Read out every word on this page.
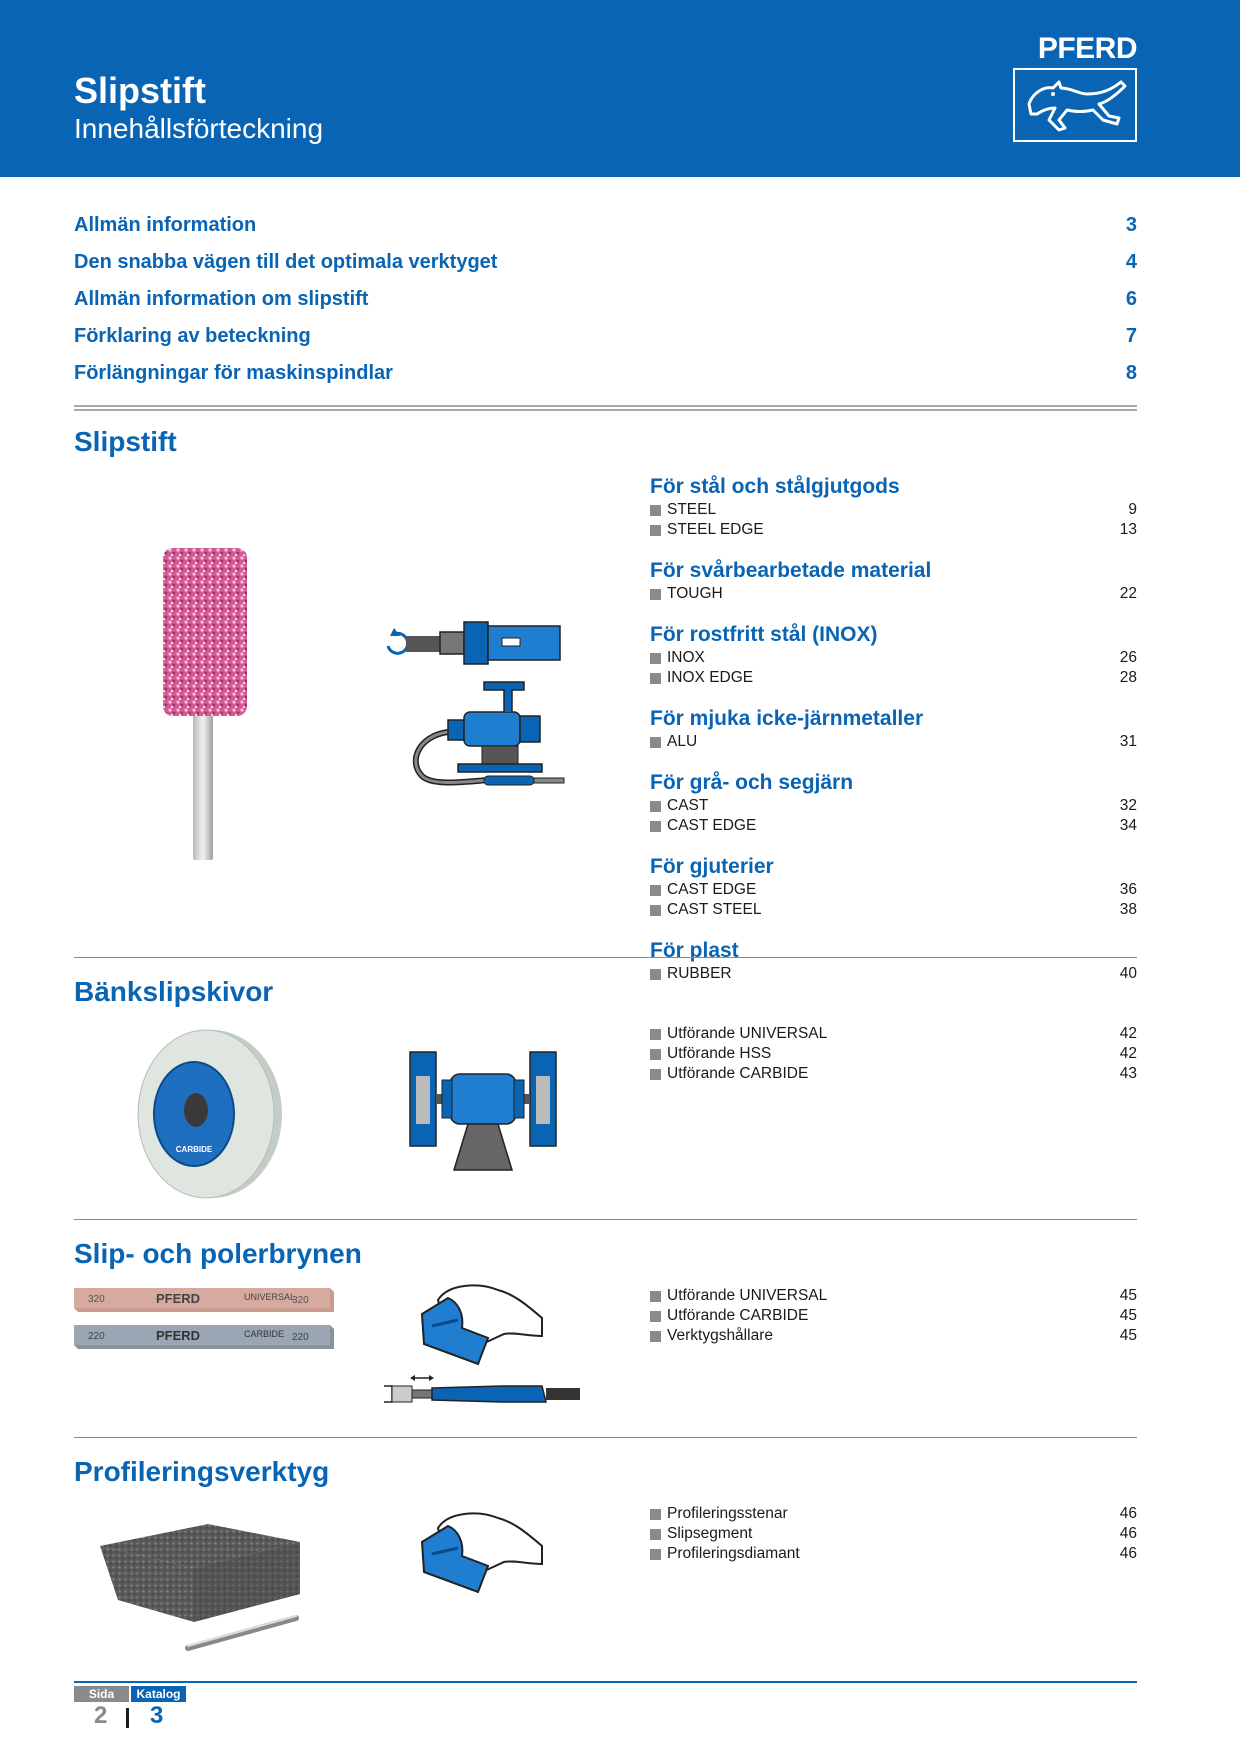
Slipstift
Innehållsförteckning
PFERD
Allmän information	3
Den snabba vägen till det optimala verktyget	4
Allmän information om slipstift	6
Förklaring av beteckning	7
Förlängningar för maskinspindlar	8
Slipstift
För stål och stålgjutgods
STEEL	9
STEEL EDGE	13
För svårbearbetade material
TOUGH	22
För rostfritt stål (INOX)
INOX	26
INOX EDGE	28
För mjuka icke-järnmetaller
ALU	31
För grå- och segjärn
CAST	32
CAST EDGE	34
För gjuterier
CAST EDGE	36
CAST STEEL	38
För plast
RUBBER	40
Bänkslipskivor
CARBIDE
Utförande UNIVERSAL	42
Utförande HSS	42
Utförande CARBIDE	43
Slip- och polerbrynen
320	PFERD	UNIVERSAL
320
220	PFERD	CARBIDE 220
Utförande UNIVERSAL	45
Utförande CARBIDE	45
Verktygshållare	45
Profileringsverktyg
Profileringsstenar	46
Slipsegment	46
Profileringsdiamant	46
Sida	Katalog
2 3
